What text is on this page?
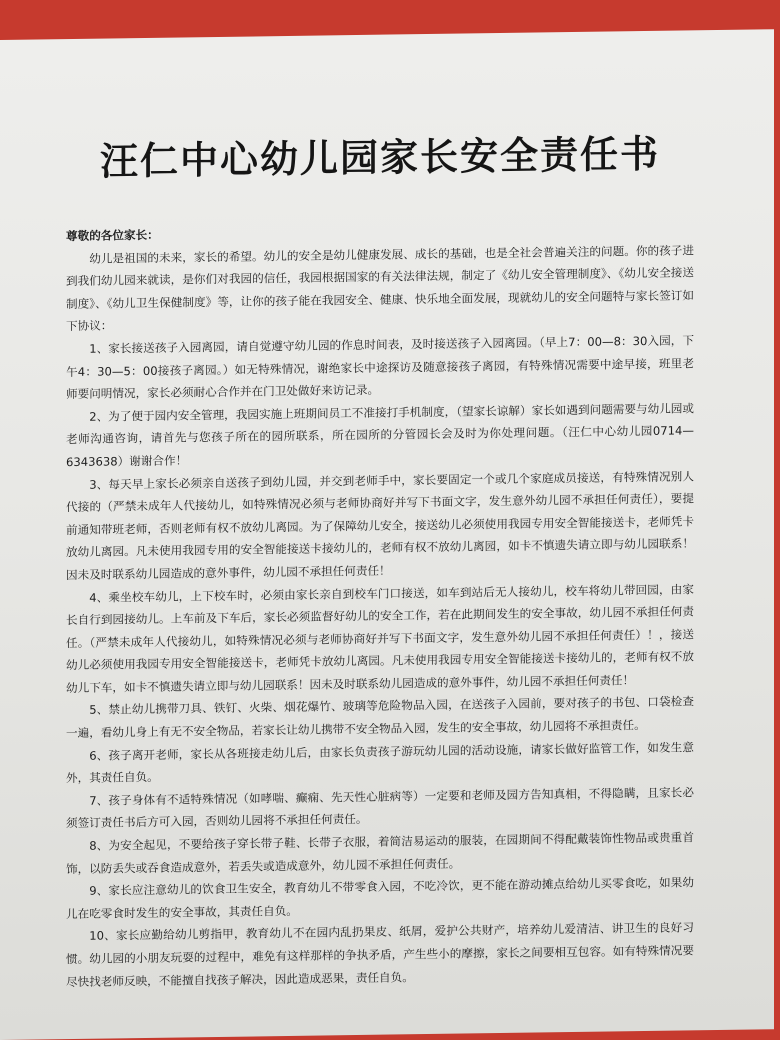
汪仁中心幼儿园家长安全责任书
尊敬的各位家长：

幼儿是祖国的未来，家长的希望。幼儿的安全是幼儿健康发展、成长的基础，也是全社会普遍关注的问题。你的孩子进到我们幼儿园来就读，是你们对我园的信任，我园根据国家的有关法律法规，制定了《幼儿安全管理制度》、《幼儿安全接送制度》、《幼儿卫生保健制度》等，让你的孩子能在我园安全、健康、快乐地全面发展，现就幼儿的安全问题特与家长签订如下协议：

1、家长接送孩子入园离园，请自觉遵守幼儿园的作息时间表，及时接送孩子入园离园。（早上7：00—8：30入园，下午4：30—5：00接孩子离园。）如无特殊情况，谢绝家长中途探访及随意接孩子离园，有特殊情况需要中途早接，班里老师要问明情况，家长必须耐心合作并在门卫处做好来访记录。

2、为了便于园内安全管理，我园实施上班期间员工不准接打手机制度，（望家长谅解）家长如遇到问题需要与幼儿园或老师沟通咨询，请首先与您孩子所在的园所联系，所在园所的分管园长会及时为你处理问题。（汪仁中心幼儿园0714—6343638）谢谢合作！

3、每天早上家长必须亲自送孩子到幼儿园，并交到老师手中，家长要固定一个或几个家庭成员接送，有特殊情况别人代接的（严禁未成年人代接幼儿，如特殊情况必须与老师协商好并写下书面文字，发生意外幼儿园不承担任何责任），要提前通知带班老师，否则老师有权不放幼儿离园。为了保障幼儿安全，接送幼儿必须使用我园专用安全智能接送卡，老师凭卡放幼儿离园。凡未使用我园专用的安全智能接送卡接幼儿的，老师有权不放幼儿离园，如卡不慎遗失请立即与幼儿园联系！因未及时联系幼儿园造成的意外事件，幼儿园不承担任何责任！

4、乘坐校车幼儿，上下校车时，必须由家长亲自到校车门口接送，如车到站后无人接幼儿，校车将幼儿带回园，由家长自行到园接幼儿。上车前及下车后，家长必须监督好幼儿的安全工作，若在此期间发生的安全事故，幼儿园不承担任何责任。（严禁未成年人代接幼儿，如特殊情况必须与老师协商好并写下书面文字，发生意外幼儿园不承担任何责任）！，接送幼儿必须使用我园专用安全智能接送卡，老师凭卡放幼儿离园。凡未使用我园专用安全智能接送卡接幼儿的，老师有权不放幼儿下车，如卡不慎遗失请立即与幼儿园联系！因未及时联系幼儿园造成的意外事件，幼儿园不承担任何责任！

5、禁止幼儿携带刀具、铁钉、火柴、烟花爆竹、玻璃等危险物品入园，在送孩子入园前，要对孩子的书包、口袋检查一遍，看幼儿身上有无不安全物品，若家长让幼儿携带不安全物品入园，发生的安全事故，幼儿园将不承担责任。

6、孩子离开老师，家长从各班接走幼儿后，由家长负责孩子游玩幼儿园的活动设施，请家长做好监管工作，如发生意外，其责任自负。

7、孩子身体有不适特殊情况（如哮喘、癫痫、先天性心脏病等）一定要和老师及园方告知真相，不得隐瞒，且家长必须签订责任书后方可入园，否则幼儿园将不承担任何责任。

8、为安全起见，不要给孩子穿长带子鞋、长带子衣服，着简洁易运动的服装，在园期间不得配戴装饰性物品或贵重首饰，以防丢失或吞食造成意外，若丢失或造成意外，幼儿园不承担任何责任。

9、家长应注意幼儿的饮食卫生安全，教育幼儿不带零食入园，不吃冷饮，更不能在游动摊点给幼儿买零食吃，如果幼儿在吃零食时发生的安全事故，其责任自负。

10、家长应勤给幼儿剪指甲，教育幼儿不在园内乱扔果皮、纸屑，爱护公共财产，培养幼儿爱清洁、讲卫生的良好习惯。幼儿园的小朋友玩耍的过程中，难免有这样那样的争执矛盾，产生些小的摩擦，家长之间要相互包容。如有特殊情况要尽快找老师反映，不能擅自找孩子解决，因此造成恶果，责任自负。
